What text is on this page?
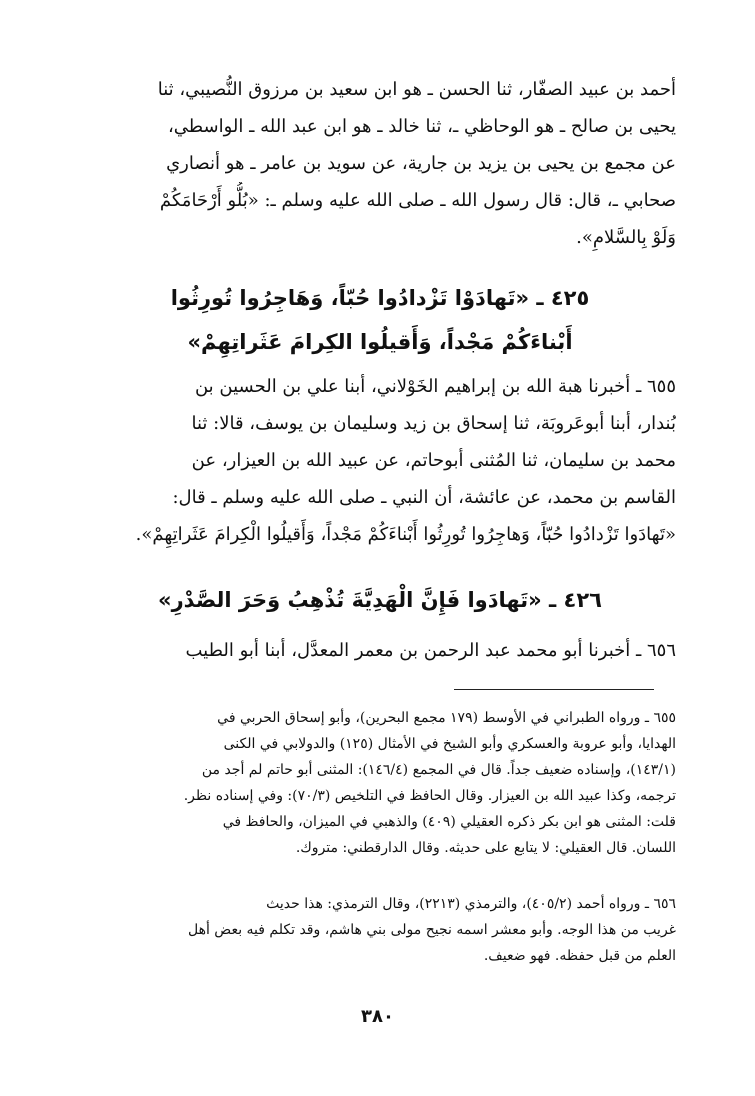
أحمد بن عبيد الصفّار، ثنا الحسن ـ هو ابن سعيد بن مرزوق النُّصيبي، ثنا
يحيى بن صالح ـ هو الوحاظي ـ، ثنا خالد ـ هو ابن عبد الله ـ الواسطي،
عن مجمع بن يحيى بن يزيد بن جارية، عن سويد بن عامر ـ هو أنصاري
صحابي ـ، قال: قال رسول الله ـ صلى الله عليه وسلم ـ: «بُلُّو أَرْحَامَكُمْ
وَلَوْ بِالسَّلامِ».
٤٢٥ ـ «تَهادَوْا تَزْدادُوا حُبّاً، وَهَاجِرُوا تُورِثُوا
أَبْناءَكُمْ مَجْداً، وَأَقيلُوا الكِرامَ عَثَراتِهِمْ»
٦٥٥ ـ أخبرنا هبة الله بن إبراهيم الخَوْلاني، أبنا علي بن الحسين بن
بُندار، أبنا أبوعَروبَة، ثنا إسحاق بن زيد وسليمان بن يوسف، قالا: ثنا
محمد بن سليمان، ثنا المُثنى أبوحاتم، عن عبيد الله بن العيزار، عن
القاسم بن محمد، عن عائشة، أن النبي ـ صلى الله عليه وسلم ـ قال:
«تَهادَوا تَزْدادُوا حُبّاً، وَهاجِرُوا تُورِثُوا أَبْناءَكُمْ مَجْداً، وَأَقيلُوا الْكِرامَ عَثَراتِهِمْ».
٤٢٦ ـ «تَهادَوا فَإِنَّ الْهَدِيَّةَ تُذْهِبُ وَحَرَ الصَّدْرِ»
٦٥٦ ـ أخبرنا أبو محمد عبد الرحمن بن معمر المعدَّل، أبنا أبو الطيب
٦٥٥ ـ ورواه الطبراني في الأوسط (١٧٩ مجمع البحرين)، وأبو إسحاق الحربي في
الهدايا، وأبو عروبة والعسكري وأبو الشيخ في الأمثال (١٢٥) والدولابي في الكنى
(١٤٣/١)، وإسناده ضعيف جداً. قال في المجمع (١٤٦/٤): المثنى أبو حاتم لم أجد من
ترجمه، وكذا عبيد الله بن العيزار. وقال الحافظ في التلخيص (٧٠/٣): وفي إسناده نظر.
قلت: المثنى هو ابن بكر ذكره العقيلي (٤٠٩) والذهبي في الميزان، والحافظ في
اللسان. قال العقيلي: لا يتابع على حديثه. وقال الدارقطني: متروك.
٦٥٦ ـ ورواه أحمد (٤٠٥/٢)، والترمذي (٢٢١٣)، وقال الترمذي: هذا حديث
غريب من هذا الوجه. وأبو معشر اسمه نجيح مولى بني هاشم، وقد تكلم فيه بعض أهل
العلم من قبل حفظه. فهو ضعيف.
٣٨٠
